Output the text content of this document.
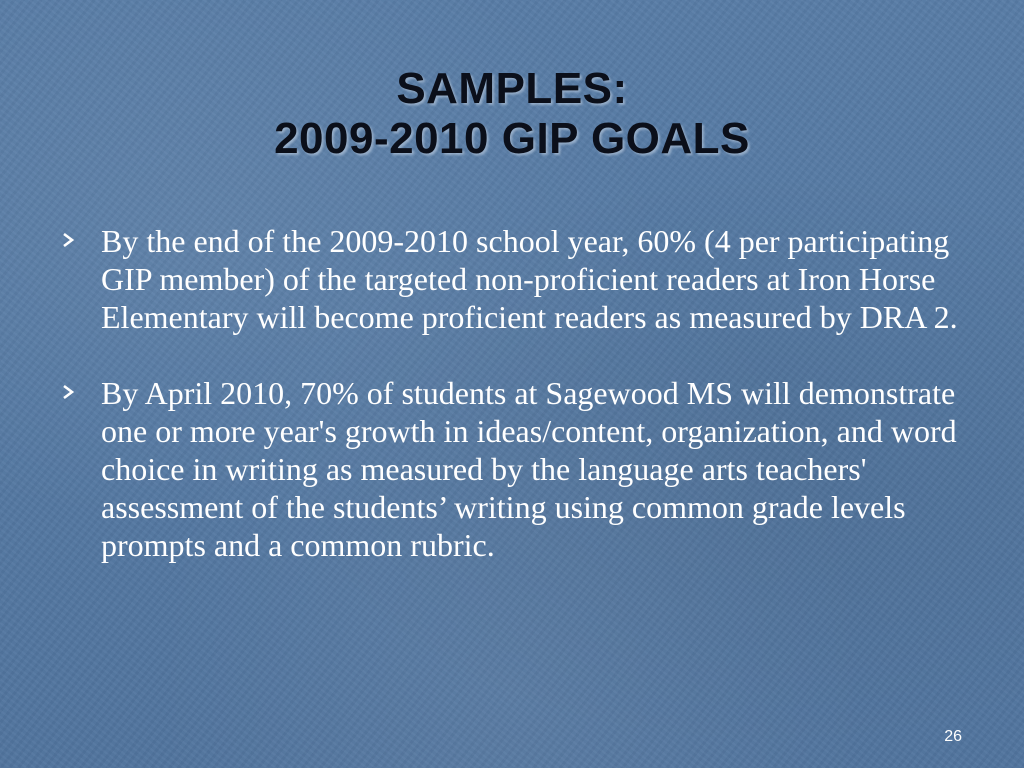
SAMPLES:
2009-2010 GIP GOALS
By the end of the 2009-2010 school year, 60% (4 per participating GIP member) of the targeted non-proficient readers at Iron Horse Elementary will become proficient readers as measured by DRA 2.
By April 2010, 70% of students at Sagewood MS will demonstrate one or more year's growth in ideas/content, organization, and word choice in writing as measured by the language arts teachers' assessment of the students’ writing using common grade levels prompts and a common rubric.
26
